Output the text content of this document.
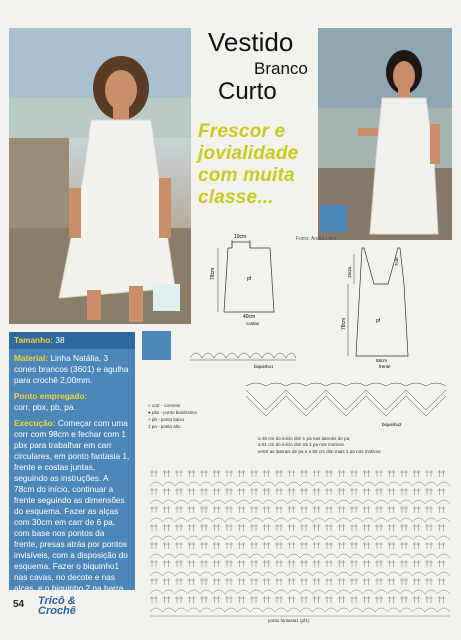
Vestido
Branco
Curto
Fotos: André Lima
Frescor e
jovialidade
com muita
classe...
10cm
78cm	pf
40cm
costas
7cm
16cm
78cm	pf
58cm
frente
Tamanho: 38
Material: Linha Natália, 3 cones brancos (3601) e agulha para crochê 2,00mm.
Ponto empregado:
corr, pbx, pb, pa.
Execução: Começar com uma corr com 98cm e fechar com 1 pbx para trabalhar em carr circulares, em ponto fantasia 1, frente e costas juntas, seguindo as instruções. A 78cm do início, continuar a frente seguindo as dimensões do esquema. Fazer as alças com 30cm em carr de 6 pa, com base nos pontos da frente, presas atrás por pontos invisíveis, com a disposição do esquema. Fazer o biquinho1 nas cavas, no decote e nas alças, e o biquinho 2 na barra.
biquinho1
biquinho2
○ corr - corrente
● pbx - ponto baixíssimo
+ pb - ponto baixo
‡ pa - ponto alto
a 46 cm do início dim 1 pa nas laterais de pa;
a 51 cm do início dim 15 1 pa nos motivos
entre as laterais de pa e a 66 cm dim mais 1 pa nos motivos
ponto fantasia1 (pf1)
54 Tricô &
Crochê
